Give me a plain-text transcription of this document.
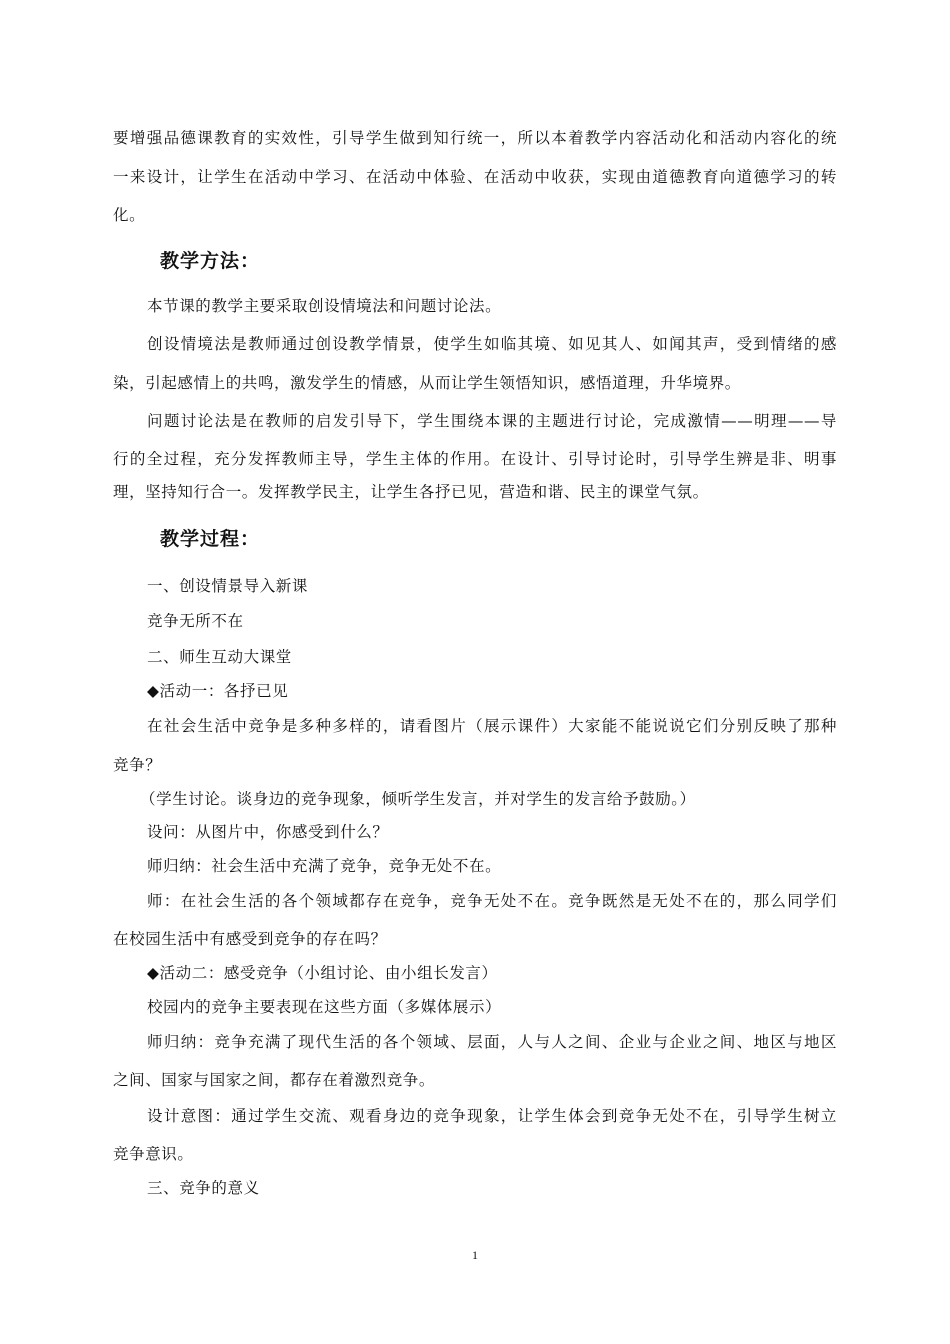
要增强品德课教育的实效性，引导学生做到知行统一，所以本着教学内容活动化和活动内容化的统
一来设计，让学生在活动中学习、在活动中体验、在活动中收获，实现由道德教育向道德学习的转
化。
教学方法：
本节课的教学主要采取创设情境法和问题讨论法。
创设情境法是教师通过创设教学情景，使学生如临其境、如见其人、如闻其声，受到情绪的感
染，引起感情上的共鸣，激发学生的情感，从而让学生领悟知识，感悟道理，升华境界。
问题讨论法是在教师的启发引导下，学生围绕本课的主题进行讨论，完成激情——明理——导
行的全过程，充分发挥教师主导，学生主体的作用。在设计、引导讨论时，引导学生辨是非、明事
理，坚持知行合一。发挥教学民主，让学生各抒已见，营造和谐、民主的课堂气氛。
教学过程：
一、创设情景导入新课
竞争无所不在
二、师生互动大课堂
◆活动一：各抒已见
在社会生活中竞争是多种多样的，请看图片（展示课件）大家能不能说说它们分别反映了那种
竞争？
（学生讨论。谈身边的竞争现象，倾听学生发言，并对学生的发言给予鼓励。）
设问：从图片中，你感受到什么？
师归纳：社会生活中充满了竞争，竞争无处不在。
师：在社会生活的各个领域都存在竞争，竞争无处不在。竞争既然是无处不在的，那么同学们
在校园生活中有感受到竞争的存在吗？
◆活动二：感受竞争（小组讨论、由小组长发言）
校园内的竞争主要表现在这些方面（多媒体展示）
师归纳：竞争充满了现代生活的各个领域、层面，人与人之间、企业与企业之间、地区与地区
之间、国家与国家之间，都存在着激烈竞争。
设计意图：通过学生交流、观看身边的竞争现象，让学生体会到竞争无处不在，引导学生树立
竞争意识。
三、竞争的意义
1
